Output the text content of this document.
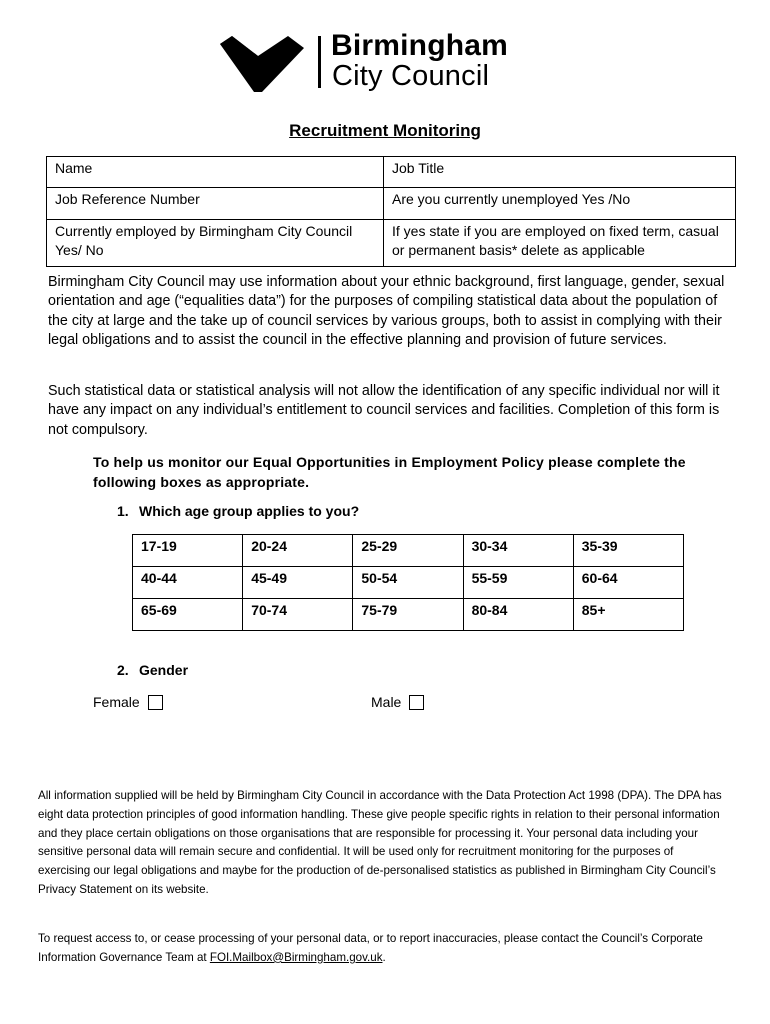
Birmingham
City Council
Recruitment Monitoring
Name	Job Title
Job Reference Number	Are you currently unemployed Yes /No
Currently employed by Birmingham City Council Yes/ No	If yes state if you are employed on fixed term, casual or permanent basis* delete as applicable
Birmingham City Council may use information about your ethnic background, first language, gender, sexual orientation and age (“equalities data”) for the purposes of compiling statistical data about the population of the city at large and the take up of council services by various groups, both to assist in complying with their legal obligations and to assist the council in the effective planning and provision of future services.
Such statistical data or statistical analysis will not allow the identification of any specific individual nor will it have any impact on any individual’s entitlement to council services and facilities. Completion of this form is not compulsory.
To help us monitor our Equal Opportunities in Employment Policy please complete the following boxes as appropriate.
1. Which age group applies to you?
17-19	20-24	25-29	30-34	35-39
40-44	45-49	50-54	55-59	60-64
65-69	70-74	75-79	80-84	85+
2. Gender
Female	Male
All information supplied will be held by Birmingham City Council in accordance with the Data Protection Act 1998 (DPA). The DPA has eight data protection principles of good information handling. These give people specific rights in relation to their personal information and they place certain obligations on those organisations that are responsible for processing it. Your personal data including your sensitive personal data will remain secure and confidential. It will be used only for recruitment monitoring for the purposes of exercising our legal obligations and maybe for the production of de-personalised statistics as published in Birmingham City Council’s Privacy Statement on its website.
To request access to, or cease processing of your personal data, or to report inaccuracies, please contact the Council’s Corporate Information Governance Team at FOI.Mailbox@Birmingham.gov.uk.
